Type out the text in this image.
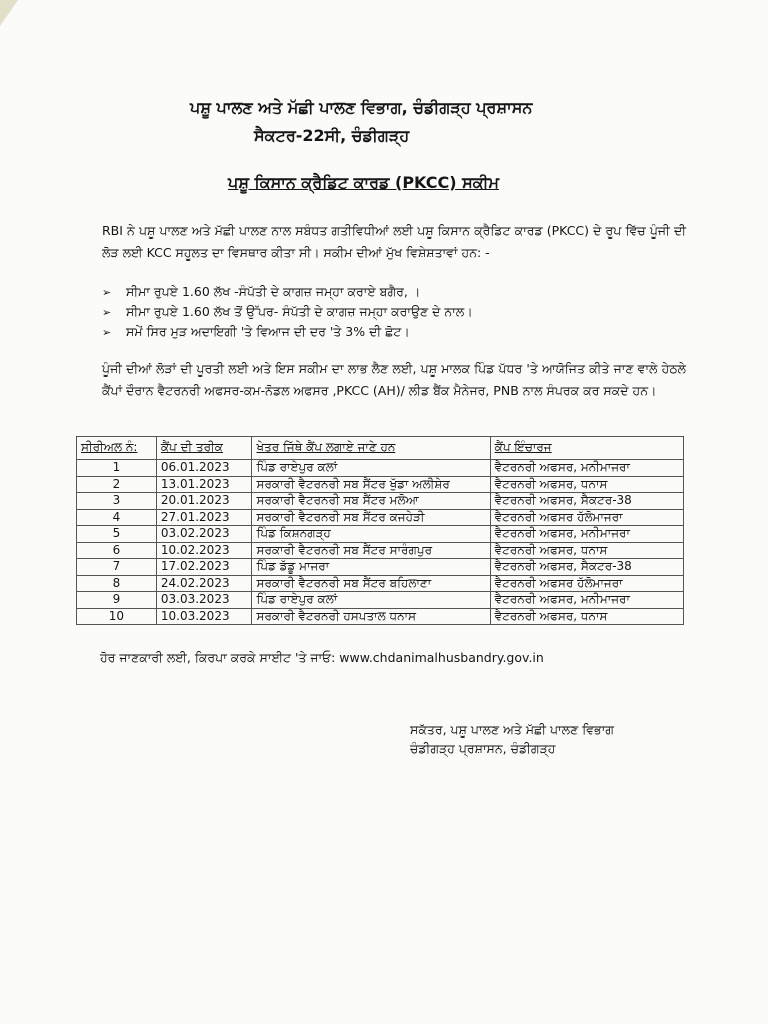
ਪਸ਼ੂ ਪਾਲਣ ਅਤੇ ਮੱਛੀ ਪਾਲਣ ਵਿਭਾਗ, ਚੰਡੀਗੜ੍ਹ ਪ੍ਰਸ਼ਾਸਨ
ਸੈਕਟਰ-22ਸੀ, ਚੰਡੀਗੜ੍ਹ
ਪਸ਼ੂ ਕਿਸਾਨ ਕ੍ਰੈਡਿਟ ਕਾਰਡ (PKCC) ਸਕੀਮ
RBI ਨੇ ਪਸ਼ੂ ਪਾਲਣ ਅਤੇ ਮੱਛੀ ਪਾਲਣ ਨਾਲ ਸਬੰਧਤ ਗਤੀਵਿਧੀਆਂ ਲਈ ਪਸ਼ੂ ਕਿਸਾਨ ਕ੍ਰੈਡਿਟ ਕਾਰਡ (PKCC) ਦੇ ਰੂਪ ਵਿੱਚ ਪੂੰਜੀ ਦੀ ਲੋੜ ਲਈ KCC ਸਹੂਲਤ ਦਾ ਵਿਸਥਾਰ ਕੀਤਾ ਸੀ। ਸਕੀਮ ਦੀਆਂ ਮੁੱਖ ਵਿਸ਼ੇਸ਼ਤਾਵਾਂ ਹਨ: -
➢	ਸੀਮਾ ਰੁਪਏ 1.60 ਲੱਖ -ਸੰਪੱਤੀ ਦੇ ਕਾਗਜ਼ ਜਮ੍ਹਾ ਕਰਾਏ ਬਗੈਰ, ।
➢	ਸੀਮਾ ਰੁਪਏ 1.60 ਲੱਖ ਤੋਂ ਉੱਪਰ- ਸੰਪੱਤੀ ਦੇ ਕਾਗਜ਼ ਜਮ੍ਹਾ ਕਰਾਉਣ ਦੇ ਨਾਲ।
➢	ਸਮੇਂ ਸਿਰ ਮੁੜ ਅਦਾਇਗੀ 'ਤੇ ਵਿਆਜ ਦੀ ਦਰ 'ਤੇ 3% ਦੀ ਛੋਟ।
ਪੂੰਜੀ ਦੀਆਂ ਲੋੜਾਂ ਦੀ ਪੂਰਤੀ ਲਈ ਅਤੇ ਇਸ ਸਕੀਮ ਦਾ ਲਾਭ ਲੈਣ ਲਈ, ਪਸ਼ੂ ਮਾਲਕ ਪਿੰਡ ਪੱਧਰ 'ਤੇ ਆਯੋਜਿਤ ਕੀਤੇ ਜਾਣ ਵਾਲੇ ਹੇਠਲੇ ਕੈਂਪਾਂ ਦੌਰਾਨ ਵੈਟਰਨਰੀ ਅਫਸਰ-ਕਮ-ਨੋਡਲ ਅਫਸਰ ,PKCC (AH)/ ਲੀਡ ਬੈਂਕ ਮੈਨੇਜਰ, PNB ਨਾਲ ਸੰਪਰਕ ਕਰ ਸਕਦੇ ਹਨ।
ਸੀਰੀਅਲ ਨੰ:	ਕੈਂਪ ਦੀ ਤਰੀਕ	ਖੇਤਰ ਜਿੱਥੇ ਕੈਂਪ ਲਗਾਏ ਜਾਣੇ ਹਨ	ਕੈਂਪ ਇੰਚਾਰਜ
1	06.01.2023	ਪਿੰਡ ਰਾਏਪੁਰ ਕਲਾਂ	ਵੈਟਰਨਰੀ ਅਫਸਰ, ਮਨੀਮਾਜਰਾ
2	13.01.2023	ਸਰਕਾਰੀ ਵੈਟਰਨਰੀ ਸਬ ਸੈਂਟਰ ਖੁੱਡਾ ਅਲੀਸ਼ੇਰ	ਵੈਟਰਨਰੀ ਅਫਸਰ, ਧਨਾਸ
3	20.01.2023	ਸਰਕਾਰੀ ਵੈਟਰਨਰੀ ਸਬ ਸੈਂਟਰ ਮਲੋਆ	ਵੈਟਰਨਰੀ ਅਫਸਰ, ਸੈਕਟਰ-38
4	27.01.2023	ਸਰਕਾਰੀ ਵੈਟਰਨਰੀ ਸਬ ਸੈਂਟਰ ਕਜਹੇੜੀ	ਵੈਟਰਨਰੀ ਅਫਸਰ ਹੱਲੋਮਾਜਰਾ
5	03.02.2023	ਪਿੰਡ ਕਿਸ਼ਨਗੜ੍ਹ	ਵੈਟਰਨਰੀ ਅਫਸਰ, ਮਨੀਮਾਜਰਾ
6	10.02.2023	ਸਰਕਾਰੀ ਵੈਟਰਨਰੀ ਸਬ ਸੈਂਟਰ ਸਾਰੰਗਪੁਰ	ਵੈਟਰਨਰੀ ਅਫਸਰ, ਧਨਾਸ
7	17.02.2023	ਪਿੰਡ ਡੱਡੂ ਮਾਜਰਾ	ਵੈਟਰਨਰੀ ਅਫਸਰ, ਸੈਕਟਰ-38
8	24.02.2023	ਸਰਕਾਰੀ ਵੈਟਰਨਰੀ ਸਬ ਸੈਂਟਰ ਬਹਿਲਾਣਾ	ਵੈਟਰਨਰੀ ਅਫਸਰ ਹੱਲੋਮਾਜਰਾ
9	03.03.2023	ਪਿੰਡ ਰਾਏਪੁਰ ਕਲਾਂ	ਵੈਟਰਨਰੀ ਅਫਸਰ, ਮਨੀਮਾਜਰਾ
10	10.03.2023	ਸਰਕਾਰੀ ਵੈਟਰਨਰੀ ਹਸਪਤਾਲ ਧਨਾਸ	ਵੈਟਰਨਰੀ ਅਫਸਰ, ਧਨਾਸ
ਹੋਰ ਜਾਣਕਾਰੀ ਲਈ, ਕਿਰਪਾ ਕਰਕੇ ਸਾਈਟ 'ਤੇ ਜਾਓ: www.chdanimalhusbandry.gov.in
ਸਕੱਤਰ, ਪਸ਼ੂ ਪਾਲਣ ਅਤੇ ਮੱਛੀ ਪਾਲਣ ਵਿਭਾਗ
ਚੰਡੀਗੜ੍ਹ ਪ੍ਰਸ਼ਾਸਨ, ਚੰਡੀਗੜ੍ਹ
